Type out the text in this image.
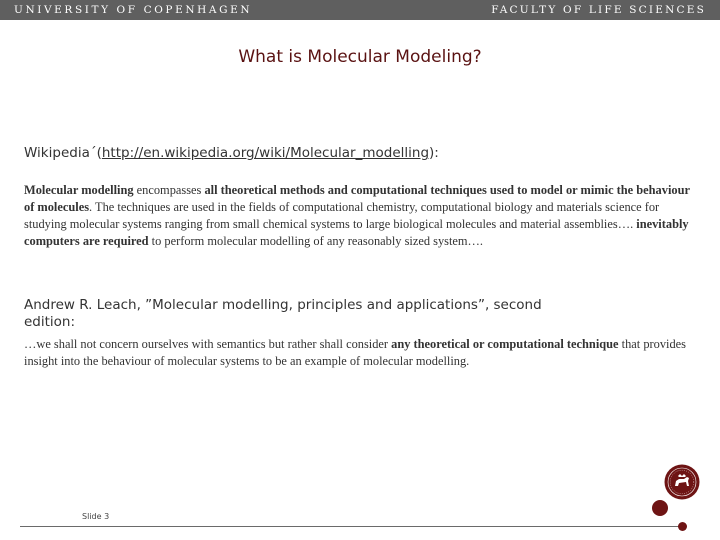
UNIVERSITY OF COPENHAGEN	FACULTY OF LIFE SCIENCES
What is Molecular Modeling?
Wikipedia´(http://en.wikipedia.org/wiki/Molecular_modelling):
Molecular modelling encompasses all theoretical methods and computational techniques used to model or mimic the behaviour of molecules. The techniques are used in the fields of computational chemistry, computational biology and materials science for studying molecular systems ranging from small chemical systems to large biological molecules and material assemblies…. inevitably computers are required to perform molecular modelling of any reasonably sized system….
Andrew R. Leach, ”Molecular modelling, principles and applications”, second edition:
…we shall not concern ourselves with semantics but rather shall consider any theoretical or computational technique that provides insight into the behaviour of molecular systems to be an example of molecular modelling.
Slide 3
